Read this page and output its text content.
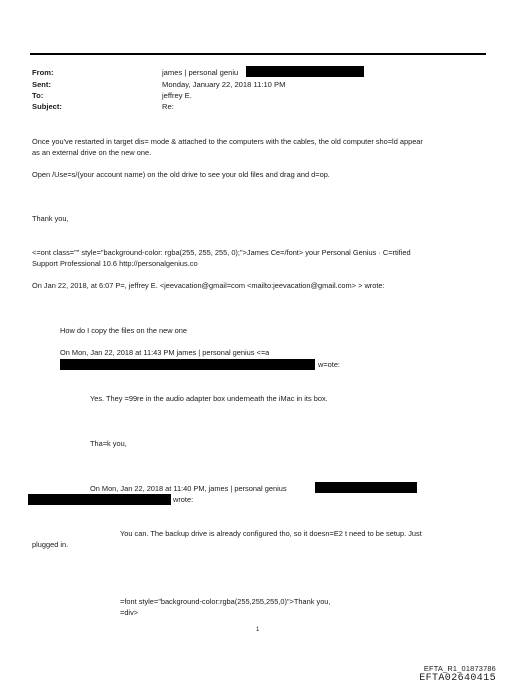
From:	james | personal geniu
Sent:	Monday, January 22, 2018 11:10 PM
To:	jeffrey E.
Subject:	Re:
Once you've restarted in target dis= mode & attached to the computers with the cables, the old computer sho=ld appear
as an external drive on the new one.
Open /Use=s/(your account name) on the old drive to see your old files and drag and d=op.
Thank you,
<=ont class="" style="background-color: rgba(255, 255, 255, 0);">James Ce=/font> your Personal Genius · C=rtified
Support Professional 10.6 http://personalgenius.co
On Jan 22, 2018, at 6:07 P=, jeffrey E. <jeevacation@gmail=com <mailto:jeevacation@gmail.com> > wrote:
How do I copy the files on the new one
On Mon, Jan 22, 2018 at 11:43 PM james | personal genius <=a
w=ote:
Yes. They =99re in the audio adapter box underneath the iMac in its box.
Tha=k you,
On Mon, Jan 22, 2018 at 11:40 PM, james | personal genius
wrote:
You can. The backup drive is already configured tho, so it doesn=E2 t need to be setup. Just
plugged in.
=font style="background-color:rgba(255,255,255,0)">Thank you,
=div>
1
EFTA_R1_01873786
EFTA02640415
